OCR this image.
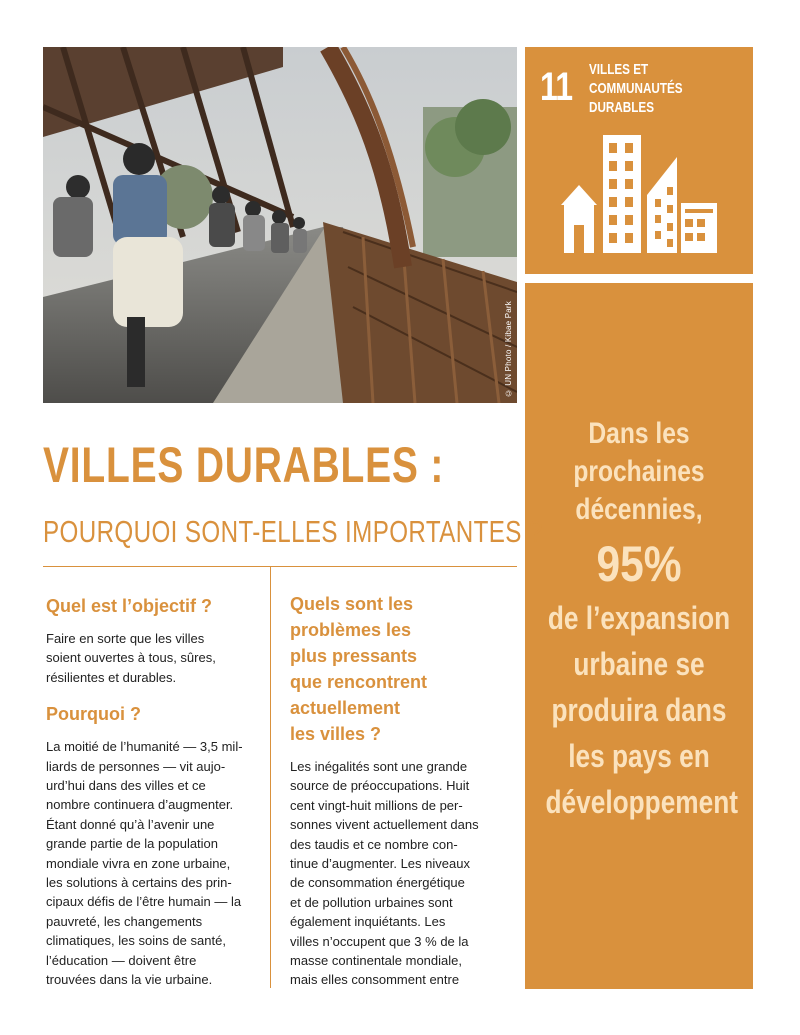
© UN Photo / Kibae Park
11 VILLES ET
COMMUNAUTÉS
DURABLES
Dans les
prochaines
décennies,
95%
de l’expansion
urbaine se
produira dans
les pays en
développement
VILLES DURABLES :
POURQUOI SONT-ELLES IMPORTANTES ?
Quel est l’objectif ?

Faire en sorte que les villes
soient ouvertes à tous, sûres,
résilientes et durables.

Pourquoi ?

La moitié de l’humanité — 3,5 mil-
liards de personnes — vit aujo-
urd’hui dans des villes et ce
nombre continuera d’augmenter.
Étant donné qu’à l’avenir une
grande partie de la population
mondiale vivra en zone urbaine,
les solutions à certains des prin-
cipaux défis de l’être humain — la
pauvreté, les changements
climatiques, les soins de santé,
l’éducation — doivent être
trouvées dans la vie urbaine.

Quels sont les
problèmes les
plus pressants
que rencontrent
actuellement
les villes ?

Les inégalités sont une grande
source de préoccupations. Huit
cent vingt-huit millions de per-
sonnes vivent actuellement dans
des taudis et ce nombre con-
tinue d’augmenter. Les niveaux
de consommation énergétique
et de pollution urbaines sont
également inquiétants. Les
villes n’occupent que 3 % de la
masse continentale mondiale,
mais elles consomment entre
